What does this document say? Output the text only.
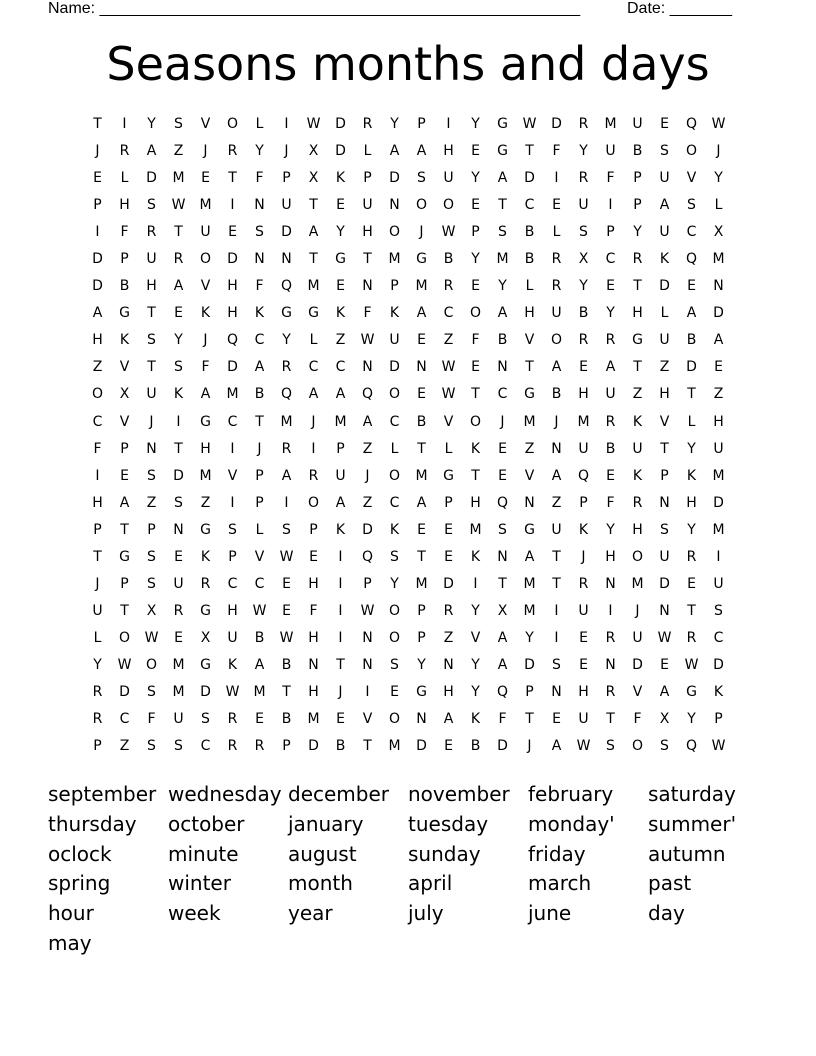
Name: ______________________________________________________	Date: _______
Seasons months and days
T	I	Y	S	V	O	L	I	W	D	R	Y	P	I	Y	G	W	D	R	M	U	E	Q	W
J	R	A	Z	J	R	Y	J	X	D	L	A	A	H	E	G	T	F	Y	U	B	S	O	J
E	L	D	M	E	T	F	P	X	K	P	D	S	U	Y	A	D	I	R	F	P	U	V	Y
P	H	S	W	M	I	N	U	T	E	U	N	O	O	E	T	C	E	U	I	P	A	S	L
I	F	R	T	U	E	S	D	A	Y	H	O	J	W	P	S	B	L	S	P	Y	U	C	X
D	P	U	R	O	D	N	N	T	G	T	M	G	B	Y	M	B	R	X	C	R	K	Q	M
D	B	H	A	V	H	F	Q	M	E	N	P	M	R	E	Y	L	R	Y	E	T	D	E	N
A	G	T	E	K	H	K	G	G	K	F	K	A	C	O	A	H	U	B	Y	H	L	A	D
H	K	S	Y	J	Q	C	Y	L	Z	W	U	E	Z	F	B	V	O	R	R	G	U	B	A
Z	V	T	S	F	D	A	R	C	C	N	D	N	W	E	N	T	A	E	A	T	Z	D	E
O	X	U	K	A	M	B	Q	A	A	Q	O	E	W	T	C	G	B	H	U	Z	H	T	Z
C	V	J	I	G	C	T	M	J	M	A	C	B	V	O	J	M	J	M	R	K	V	L	H
F	P	N	T	H	I	J	R	I	P	Z	L	T	L	K	E	Z	N	U	B	U	T	Y	U
I	E	S	D	M	V	P	A	R	U	J	O	M	G	T	E	V	A	Q	E	K	P	K	M
H	A	Z	S	Z	I	P	I	O	A	Z	C	A	P	H	Q	N	Z	P	F	R	N	H	D
P	T	P	N	G	S	L	S	P	K	D	K	E	E	M	S	G	U	K	Y	H	S	Y	M
T	G	S	E	K	P	V	W	E	I	Q	S	T	E	K	N	A	T	J	H	O	U	R	I
J	P	S	U	R	C	C	E	H	I	P	Y	M	D	I	T	M	T	R	N	M	D	E	U
U	T	X	R	G	H	W	E	F	I	W	O	P	R	Y	X	M	I	U	I	J	N	T	S
L	O	W	E	X	U	B	W	H	I	N	O	P	Z	V	A	Y	I	E	R	U	W	R	C
Y	W	O	M	G	K	A	B	N	T	N	S	Y	N	Y	A	D	S	E	N	D	E	W	D
R	D	S	M	D	W	M	T	H	J	I	E	G	H	Y	Q	P	N	H	R	V	A	G	K
R	C	F	U	S	R	E	B	M	E	V	O	N	A	K	F	T	E	U	T	F	X	Y	P
P	Z	S	S	C	R	R	P	D	B	T	M	D	E	B	D	J	A	W	S	O	S	Q	W
september wednesday december november february	saturday
thursday	october	january	tuesday	monday'	summer'
oclock	minute	august	sunday	friday	autumn
spring	winter	month	april	march	past
hour	week	year	july	june	day
may
